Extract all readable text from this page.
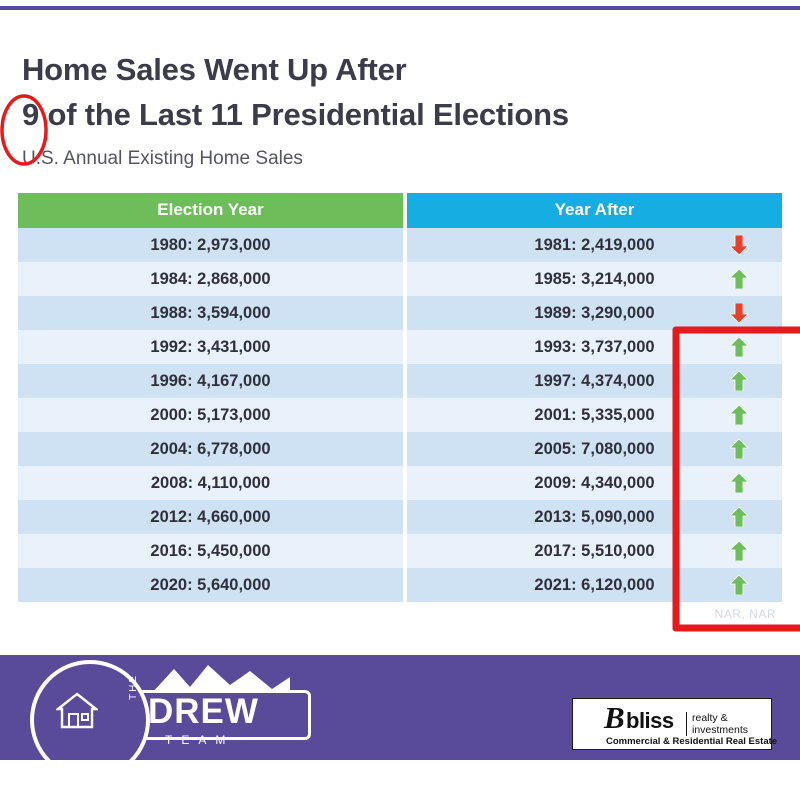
Home Sales Went Up After
9 of the Last 11 Presidential Elections
U.S. Annual Existing Home Sales
Election Year		Year After
1980: 2,973,000		1981: 2,419,000

1984: 2,868,000		1985: 3,214,000

1988: 3,594,000		1989: 3,290,000

1992: 3,431,000		1993: 3,737,000

1996: 4,167,000		1997: 4,374,000

2000: 5,173,000		2001: 5,335,000

2004: 6,778,000		2005: 7,080,000

2008: 4,110,000		2009: 4,340,000

2012: 4,660,000		2013: 5,090,000

2016: 5,450,000		2017: 5,510,000

2020: 5,640,000		2021: 6,120,000
NAR, NAR
THE
DREW
TEAM
B bliss	realty & investments
Commercial & Residential Real Estate
